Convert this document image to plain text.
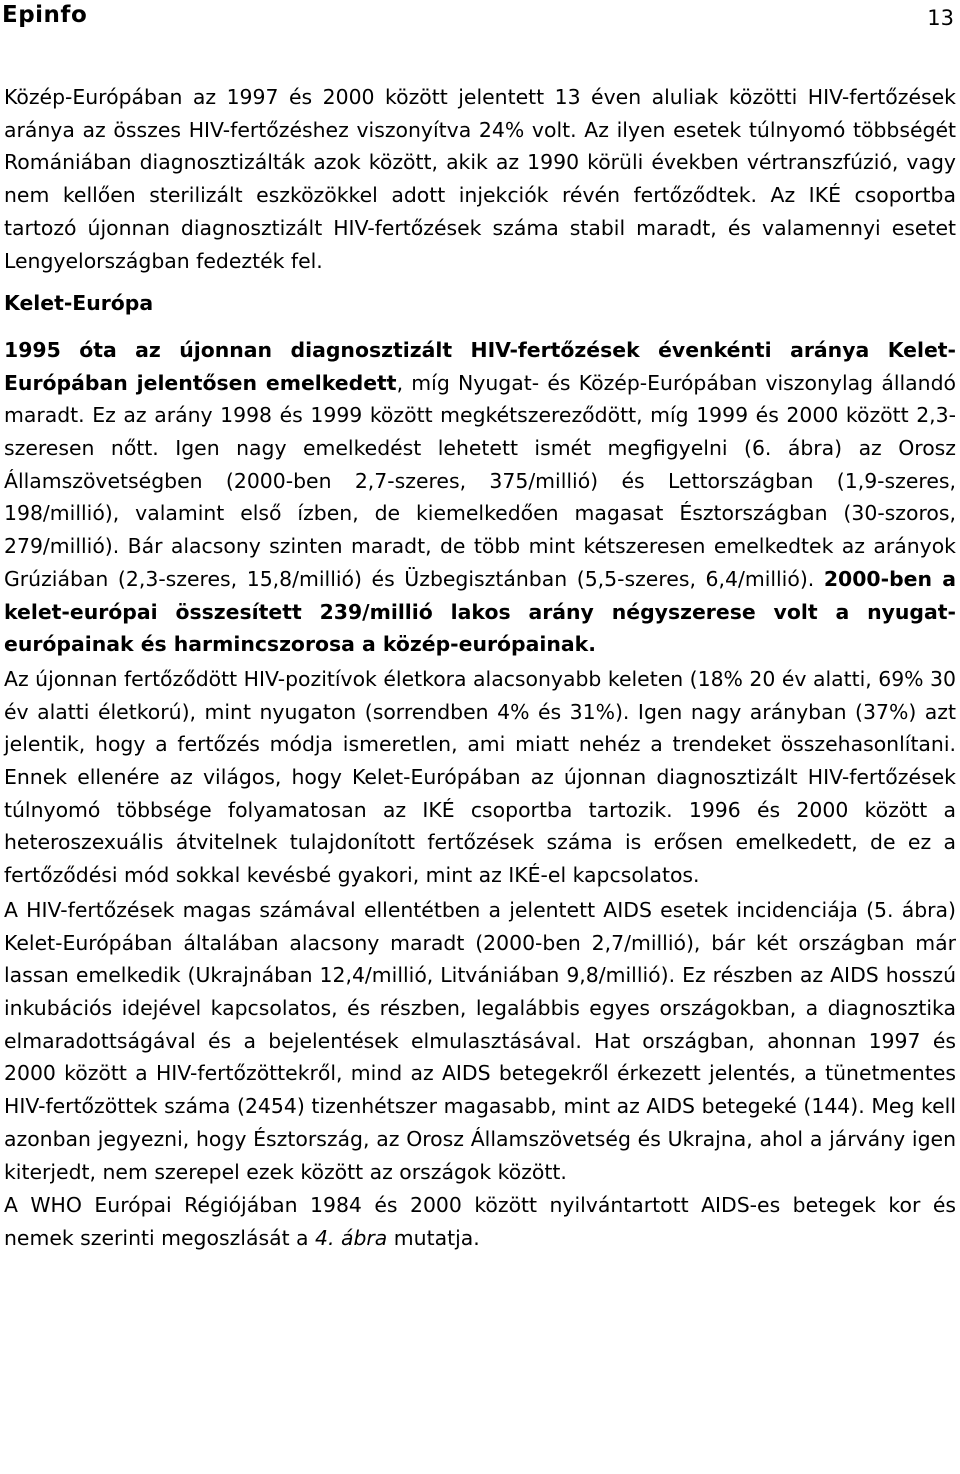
Epinfo	13

Közép-Európában az 1997 és 2000 között jelentett 13 éven aluliak közötti HIV-fertőzések aránya az összes HIV-fertőzéshez viszonyítva 24% volt. Az ilyen esetek túlnyomó többségét Romániában diagnosztizálták azok között, akik az 1990 körüli években vértranszfúzió, vagy nem kellően sterilizált eszközökkel adott injekciók révén fertőződtek. Az IKÉ csoportba tartozó újonnan diagnosztizált HIV-fertőzések száma stabil maradt, és valamennyi esetet Lengyelországban fedezték fel.

Kelet-Európa

1995 óta az újonnan diagnosztizált HIV-fertőzések évenkénti aránya Kelet-Európában jelentősen emelkedett, míg Nyugat- és Közép-Európában viszonylag állandó maradt. Ez az arány 1998 és 1999 között megkétszereződött, míg 1999 és 2000 között 2,3-szeresen nőtt. Igen nagy emelkedést lehetett ismét megfigyelni (6. ábra) az Orosz Államszövetségben (2000-ben 2,7-szeres, 375/millió) és Lettországban (1,9-szeres, 198/millió), valamint első ízben, de kiemelkedően magasat Észtországban (30-szoros, 279/millió). Bár alacsony szinten maradt, de több mint kétszeresen emelkedtek az arányok Grúziában (2,3-szeres, 15,8/millió) és Üzbegisztánban (5,5-szeres, 6,4/millió). 2000-ben a kelet-európai összesített 239/millió lakos arány négyszerese volt a nyugat-európainak és harmincszorosa a közép-európainak.

Az újonnan fertőződött HIV-pozitívok életkora alacsonyabb keleten (18% 20 év alatti, 69% 30 év alatti életkorú), mint nyugaton (sorrendben 4% és 31%). Igen nagy arányban (37%) azt jelentik, hogy a fertőzés módja ismeretlen, ami miatt nehéz a trendeket összehasonlítani. Ennek ellenére az világos, hogy Kelet-Európában az újonnan diagnosztizált HIV-fertőzések túlnyomó többsége folyamatosan az IKÉ csoportba tartozik. 1996 és 2000 között a heteroszexuális átvitelnek tulajdonított fertőzések száma is erősen emelkedett, de ez a fertőződési mód sokkal kevésbé gyakori, mint az IKÉ-el kapcsolatos.

A HIV-fertőzések magas számával ellentétben a jelentett AIDS esetek incidenciája (5. ábra) Kelet-Európában általában alacsony maradt (2000-ben 2,7/millió), bár két országban már lassan emelkedik (Ukrajnában 12,4/millió, Litvániában 9,8/millió). Ez részben az AIDS hosszú inkubációs idejével kapcsolatos, és részben, legalábbis egyes országokban, a diagnosztika elmaradottságával és a bejelentések elmulasztásával. Hat országban, ahonnan 1997 és 2000 között a HIV-fertőzöttekről, mind az AIDS betegekről érkezett jelentés, a tünetmentes HIV-fertőzöttek száma (2454) tizenhétszer magasabb, mint az AIDS betegeké (144). Meg kell azonban jegyezni, hogy Észtország, az Orosz Államszövetség és Ukrajna, ahol a járvány igen kiterjedt, nem szerepel ezek között az országok között.

A WHO Európai Régiójában 1984 és 2000 között nyilvántartott AIDS-es betegek kor és nemek szerinti megoszlását a 4. ábra mutatja.
